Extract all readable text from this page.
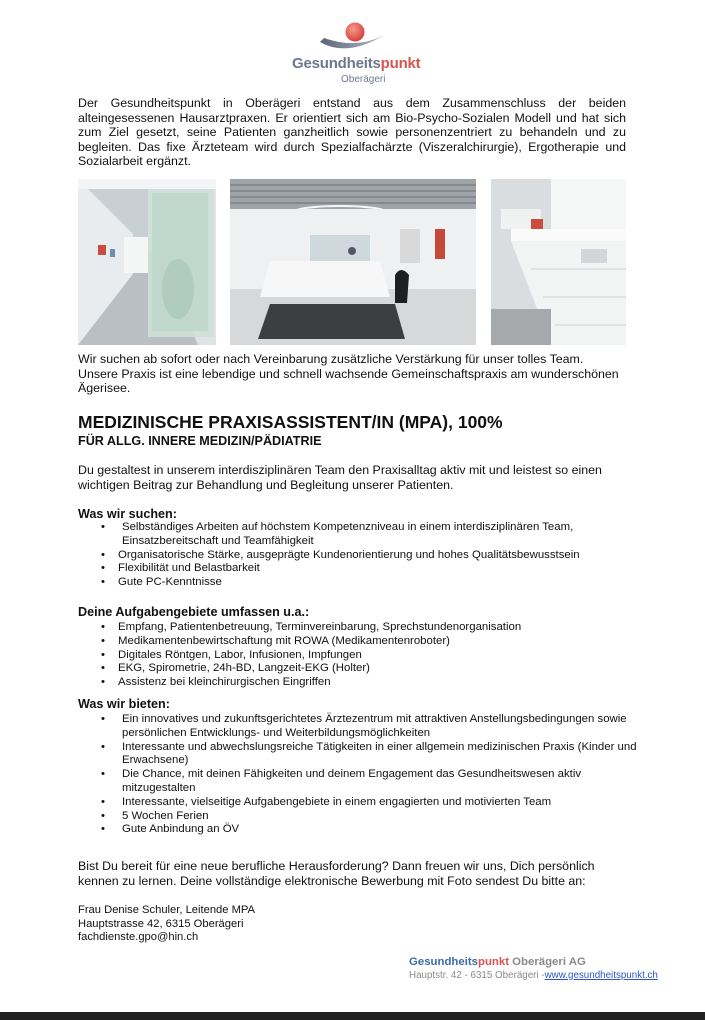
Gesundheitspunkt
Oberägeri

Der Gesundheitspunkt in Oberägeri entstand aus dem Zusammenschluss der beiden alteingesessenen Hausarztpraxen. Er orientiert sich am Bio-Psycho-Sozialen Modell und hat sich zum Ziel gesetzt, seine Patienten ganzheitlich sowie personenzentriert zu behandeln und zu begleiten. Das fixe Ärzteteam wird durch Spezialfachärzte (Viszeralchirurgie), Ergotherapie und Sozialarbeit ergänzt.

Wir suchen ab sofort oder nach Vereinbarung zusätzliche Verstärkung für unser tolles Team. Unsere Praxis ist eine lebendige und schnell wachsende Gemeinschaftspraxis am wunderschönen Ägerisee.

MEDIZINISCHE PRAXISASSISTENT/IN (MPA), 100%
FÜR ALLG. INNERE MEDIZIN/PÄDIATRIE

Du gestaltest in unserem interdisziplinären Team den Praxisalltag aktiv mit und leistest so einen wichtigen Beitrag zur Behandlung und Begleitung unserer Patienten.

Was wir suchen:
• Selbständiges Arbeiten auf höchstem Kompetenzniveau in einem interdisziplinären Team, Einsatzbereitschaft und Teamfähigkeit
• Organisatorische Stärke, ausgeprägte Kundenorientierung und hohes Qualitätsbewusstsein
• Flexibilität und Belastbarkeit
• Gute PC-Kenntnisse
Deine Aufgabengebiete umfassen u.a.:
• Empfang, Patientenbetreuung, Terminvereinbarung, Sprechstundenorganisation
• Medikamentenbewirtschaftung mit ROWA (Medikamentenroboter)
• Digitales Röntgen, Labor, Infusionen, Impfungen
• EKG, Spirometrie, 24h-BD, Langzeit-EKG (Holter)
• Assistenz bei kleinchirurgischen Eingriffen
Was wir bieten:
• Ein innovatives und zukunftsgerichtetes Ärztezentrum mit attraktiven Anstellungsbedingungen sowie persönlichen Entwicklungs- und Weiterbildungsmöglichkeiten
• Interessante und abwechslungsreiche Tätigkeiten in einer allgemein medizinischen Praxis (Kinder und Erwachsene)
• Die Chance, mit deinen Fähigkeiten und deinem Engagement das Gesundheitswesen aktiv mitzugestalten
• Interessante, vielseitige Aufgabengebiete in einem engagierten und motivierten Team
• 5 Wochen Ferien
• Gute Anbindung an ÖV

Bist Du bereit für eine neue berufliche Herausforderung? Dann freuen wir uns, Dich persönlich kennen zu lernen. Deine vollständige elektronische Bewerbung mit Foto sendest Du bitte an:

Frau Denise Schuler, Leitende MPA
Hauptstrasse 42, 6315 Oberägeri
fachdienste.gpo@hin.ch
Gesundheitspunkt Oberägeri AG
Hauptstr. 42 - 6315 Oberägeri -www.gesundheitspunkt.ch
